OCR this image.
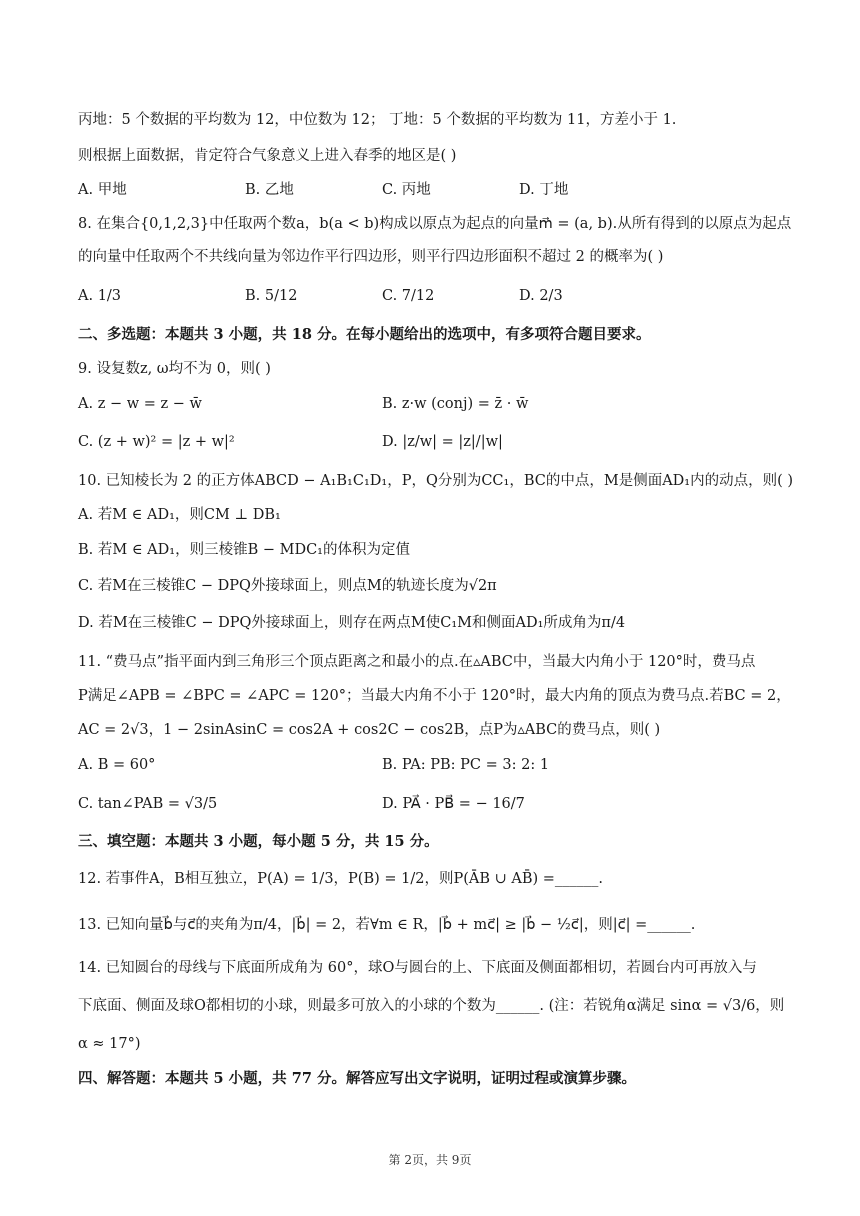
丙地：5 个数据的平均数为 12，中位数为 12； 丁地：5 个数据的平均数为 11，方差小于 1.
则根据上面数据，肯定符合气象意义上进入春季的地区是( )
A. 甲地	B. 乙地	C. 丙地	D. 丁地
8. 在集合{0,1,2,3}中任取两个数a，b(a < b)构成以原点为起点的向量m⃗ = (a, b).从所有得到的以原点为起点
的向量中任取两个不共线向量为邻边作平行四边形，则平行四边形面积不超过 2 的概率为( )
A. 1/3	B. 5/12	C. 7/12	D. 2/3
二、多选题：本题共 3 小题，共 18 分。在每小题给出的选项中，有多项符合题目要求。
9. 设复数z, ω均不为 0，则( )
A. z − w = z − w̄	B. z·w (conj) = z̄ · w̄
C. (z + w)² = |z + w|²	D. |z/w| = |z|/|w|
10. 已知棱长为 2 的正方体ABCD − A₁B₁C₁D₁，P，Q分别为CC₁，BC的中点，M是侧面AD₁内的动点，则( )
A. 若M ∈ AD₁，则CM ⊥ DB₁
B. 若M ∈ AD₁，则三棱锥B − MDC₁的体积为定值
C. 若M在三棱锥C − DPQ外接球面上，则点M的轨迹长度为√2π
D. 若M在三棱锥C − DPQ外接球面上，则存在两点M使C₁M和侧面AD₁所成角为π/4
11. “费马点”指平面内到三角形三个顶点距离之和最小的点.在▵ABC中，当最大内角小于 120°时，费马点
P满足∠APB = ∠BPC = ∠APC = 120°；当最大内角不小于 120°时，最大内角的顶点为费马点.若BC = 2，
AC = 2√3，1 − 2sinAsinC = cos2A + cos2C − cos2B，点P为▵ABC的费马点，则( )
A. B = 60°	B. PA: PB: PC = 3: 2: 1
C. tan∠PAB = √3/5	D. PA⃗ · PB⃗ = − 16/7
三、填空题：本题共 3 小题，每小题 5 分，共 15 分。
12. 若事件A，B相互独立，P(A) = 1/3，P(B) = 1/2，则P(ĀB ∪ AB̄) =______.
13. 已知向量b⃗与c⃗的夹角为π/4，|b⃗| = 2，若∀m ∈ R，|b⃗ + mc⃗| ≥ |b⃗ − ½c⃗|，则|c⃗| =______.
14. 已知圆台的母线与下底面所成角为 60°，球O与圆台的上、下底面及侧面都相切，若圆台内可再放入与
下底面、侧面及球O都相切的小球，则最多可放入的小球的个数为______. (注：若锐角α满足 sinα = √3/6，则
α ≈ 17°)
四、解答题：本题共 5 小题，共 77 分。解答应写出文字说明，证明过程或演算步骤。
第 2页，共 9页
